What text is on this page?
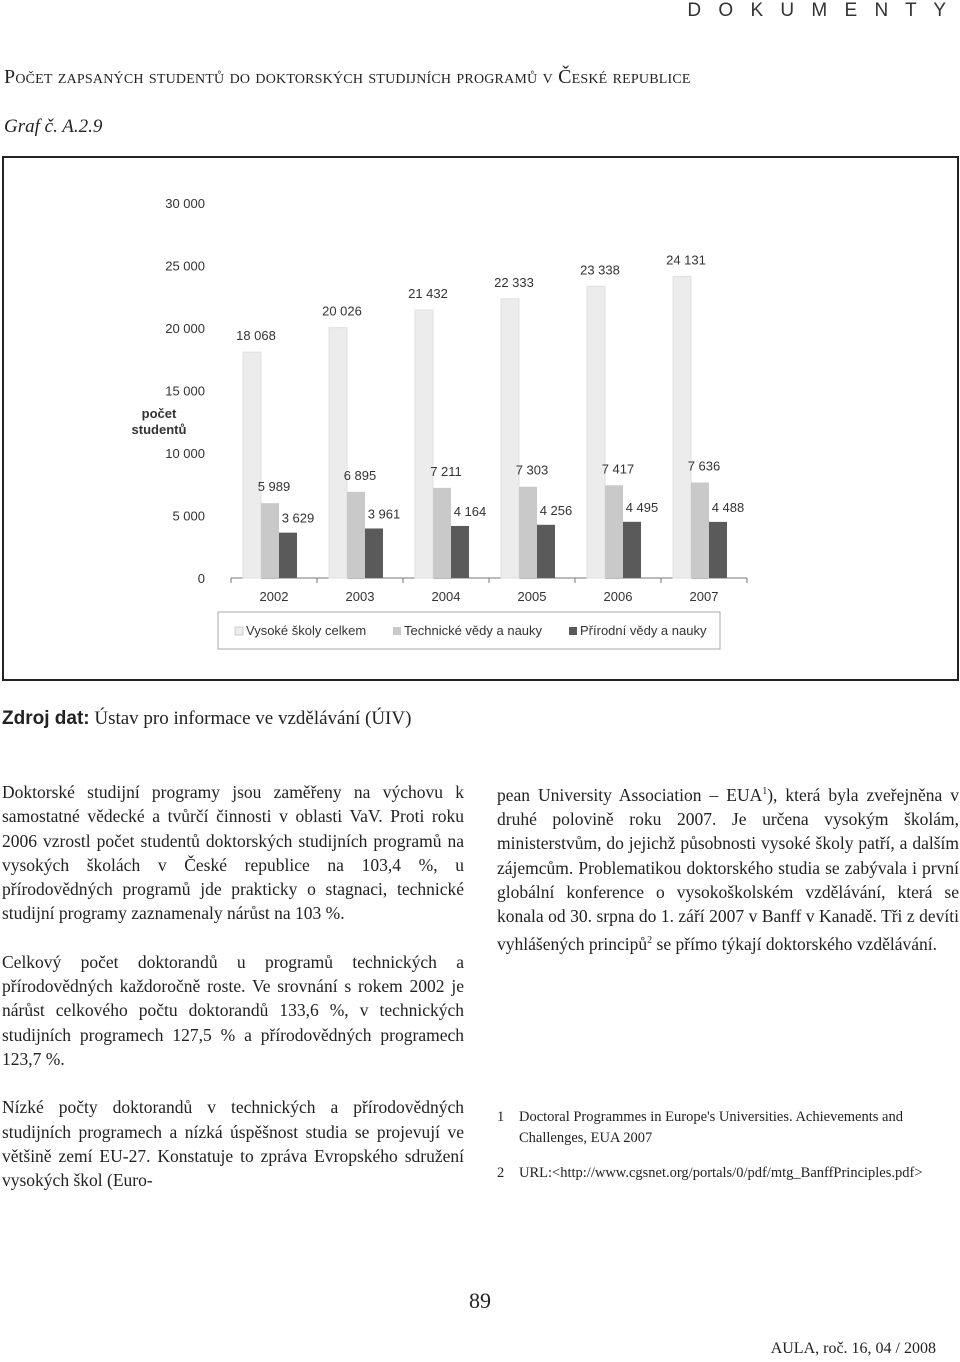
D O K U M E N T Y
Počet zapsaných studentů do doktorských studijních programů v České republice
Graf č. A.2.9
0
5 000
10 000
15 000
20 000
25 000
30 000
počet
studentů
2002
18 068
5 989
3 629
2003
20 026
6 895
3 961
2004
21 432
7 211
4 164
2005
22 333
7 303
4 256
2006
23 338
7 417
4 495
2007
24 131
7 636
4 488
Vysoké školy celkem	Technické vědy a nauky	Přírodní vědy a nauky
Zdroj dat: Ústav pro informace ve vzdělávání (ÚIV)

Doktorské studijní programy jsou zaměřeny na výchovu k samostatné vědecké a tvůrčí činnosti v oblasti VaV. Proti roku 2006 vzrostl počet studentů doktorských studijních programů na vysokých školách v České republice na 103,4 %, u přírodovědných programů jde prakticky o stagnaci, technické studijní programy zaznamenaly nárůst na 103 %.

Celkový počet doktorandů u programů technických a přírodovědných každoročně roste. Ve srovnání s rokem 2002 je nárůst celkového počtu doktorandů 133,6 %, v technických studijních programech 127,5 % a přírodovědných programech 123,7 %.

Nízké počty doktorandů v technických a přírodovědných studijních programech a nízká úspěšnost studia se projevují ve většině zemí EU-27. Konstatuje to zpráva Evropského sdružení vysokých škol (Euro-

pean University Association – EUA$^1$), která byla zveřejněna v druhé polovině roku 2007. Je určena vysokým školám, ministerstvům, do jejichž působnosti vysoké školy patří, a dalším zájemcům. Problematikou doktorského studia se zabývala i první globální konference o vysokoškolském vzdělávání, která se konala od 30. srpna do 1. září 2007 v Banff v Kanadě. Tři z devíti vyhlášených principů$^2$ se přímo týkají doktorského vzdělávání.

1 Doctoral Programmes in Europe's Universities. Achievements and Challenges, EUA 2007
2 URL:<http://www.cgsnet.org/portals/0/pdf/mtg_BanffPrinciples.pdf>
89
AULA, roč. 16, 04 / 2008
